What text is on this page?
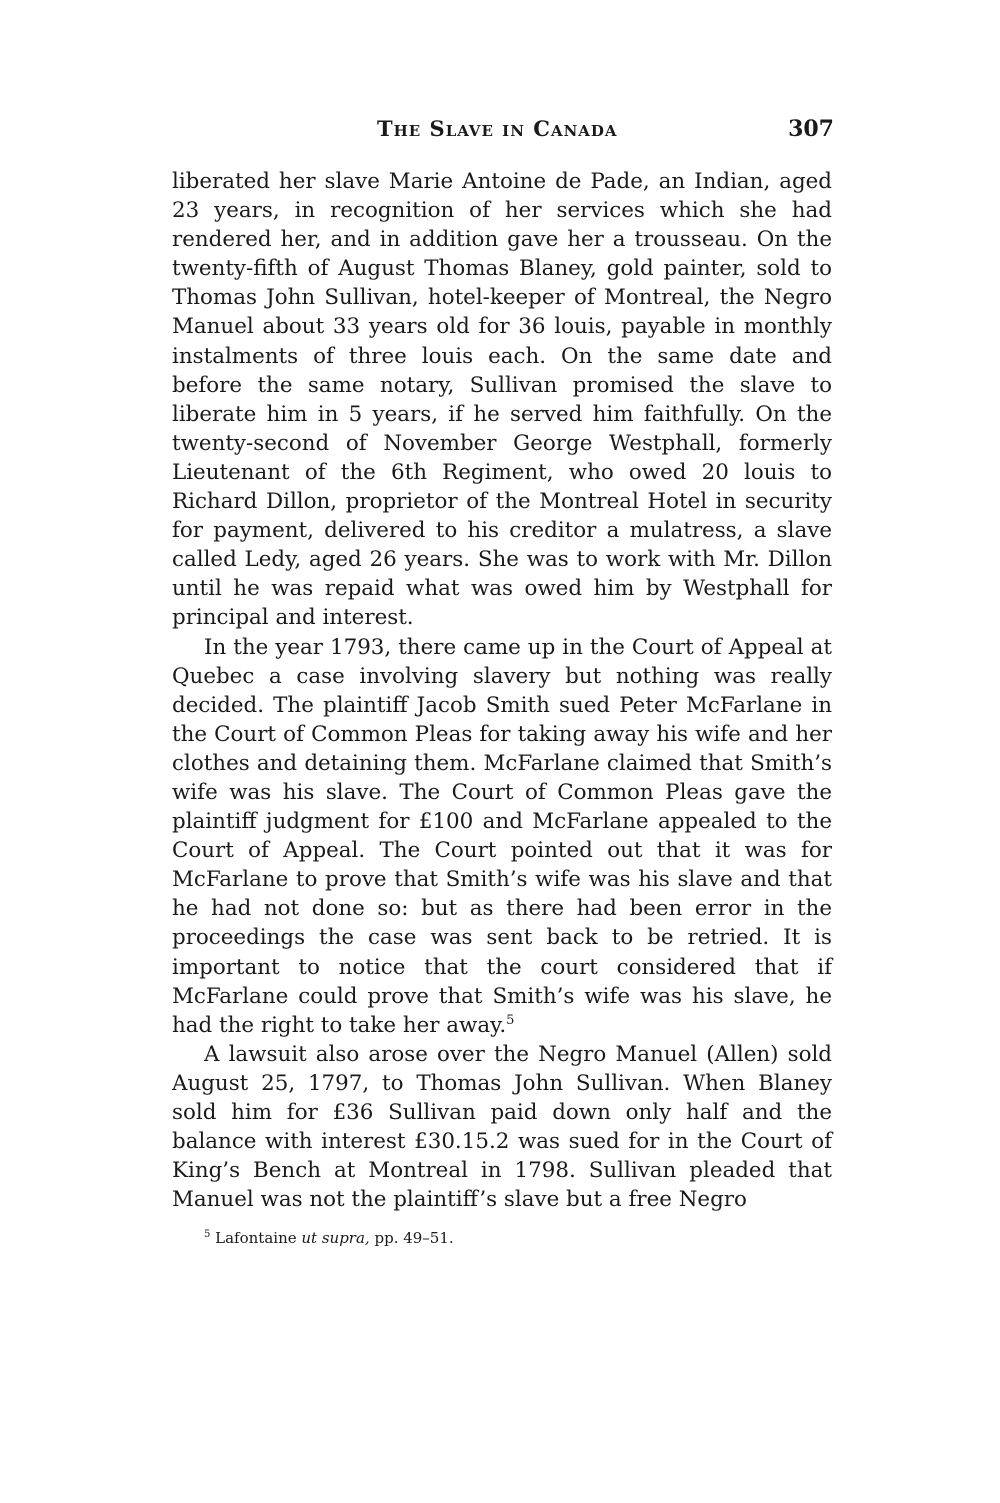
The Slave in Canada	307

liberated her slave Marie Antoine de Pade, an Indian, aged 23 years, in recognition of her services which she had rendered her, and in addition gave her a trousseau. On the twenty-fifth of August Thomas Blaney, gold painter, sold to Thomas John Sullivan, hotel-keeper of Montreal, the Negro Manuel about 33 years old for 36 louis, payable in monthly instalments of three louis each. On the same date and before the same notary, Sullivan promised the slave to liberate him in 5 years, if he served him faithfully. On the twenty-second of November George Westphall, formerly Lieutenant of the 6th Regiment, who owed 20 louis to Richard Dillon, proprietor of the Montreal Hotel in security for payment, delivered to his creditor a mulatress, a slave called Ledy, aged 26 years. She was to work with Mr. Dillon until he was repaid what was owed him by Westphall for principal and interest.

In the year 1793, there came up in the Court of Appeal at Quebec a case involving slavery but nothing was really decided. The plaintiff Jacob Smith sued Peter McFarlane in the Court of Common Pleas for taking away his wife and her clothes and detaining them. McFarlane claimed that Smith’s wife was his slave. The Court of Common Pleas gave the plaintiff judgment for £100 and McFarlane appealed to the Court of Appeal. The Court pointed out that it was for McFarlane to prove that Smith’s wife was his slave and that he had not done so: but as there had been error in the proceedings the case was sent back to be retried. It is important to notice that the court considered that if McFarlane could prove that Smith’s wife was his slave, he had the right to take her away.$^5$

A lawsuit also arose over the Negro Manuel (Allen) sold August 25, 1797, to Thomas John Sullivan. When Blaney sold him for £36 Sullivan paid down only half and the balance with interest £30.15.2 was sued for in the Court of King’s Bench at Montreal in 1798. Sullivan pleaded that Manuel was not the plaintiff’s slave but a free Negro

$^5$ Lafontaine ut supra, pp. 49–51.
